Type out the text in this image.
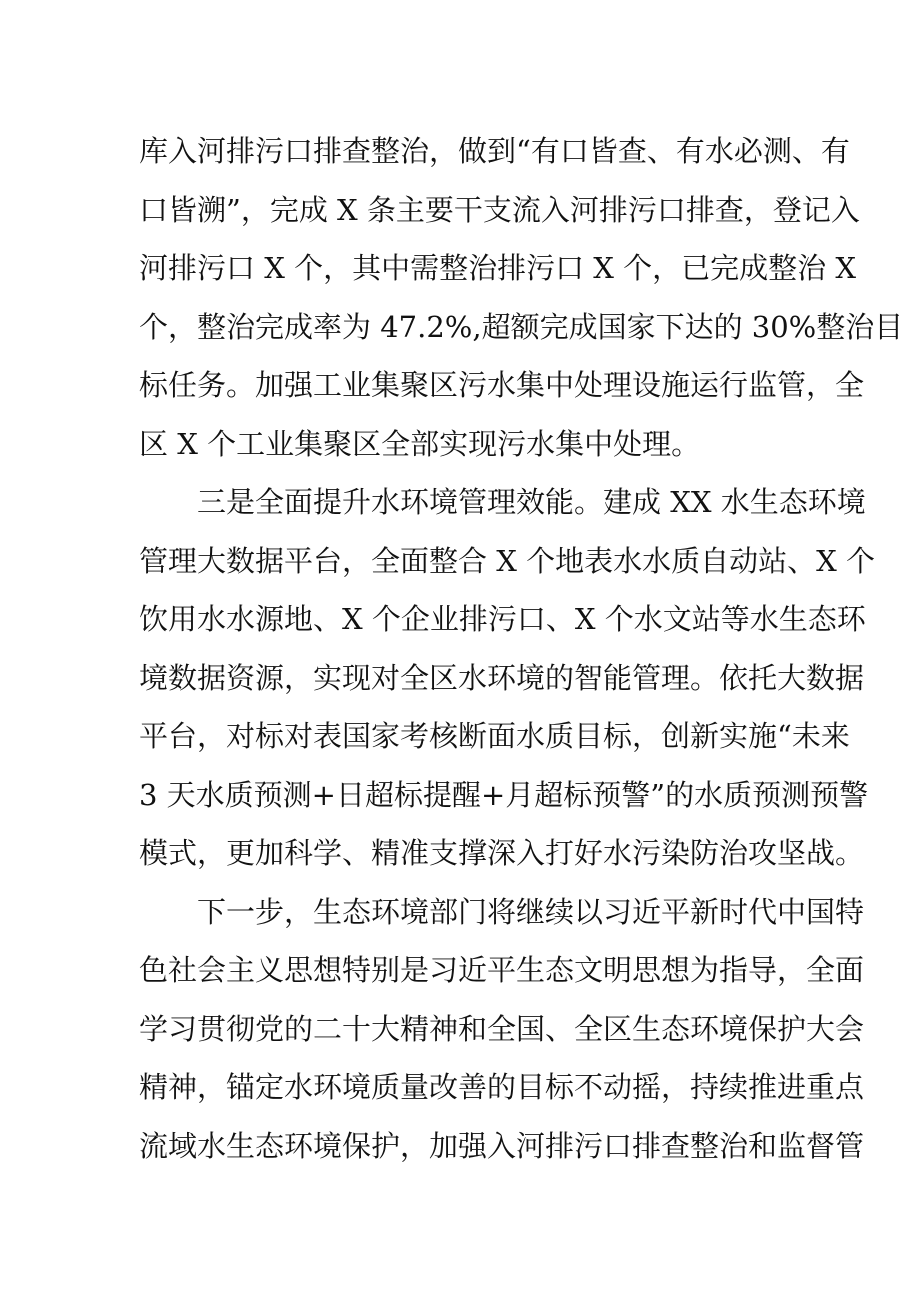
库入河排污口排查整治，做到“有口皆查、有水必测、有
口皆溯”，完成 X 条主要干支流入河排污口排查，登记入
河排污口 X 个，其中需整治排污口 X 个，已完成整治 X
个，整治完成率为 47.2%,超额完成国家下达的 30%整治目
标任务。加强工业集聚区污水集中处理设施运行监管，全
区 X 个工业集聚区全部实现污水集中处理。
　　三是全面提升水环境管理效能。建成 XX 水生态环境
管理大数据平台，全面整合 X 个地表水水质自动站、X 个
饮用水水源地、X 个企业排污口、X 个水文站等水生态环
境数据资源，实现对全区水环境的智能管理。依托大数据
平台，对标对表国家考核断面水质目标，创新实施“未来
3 天水质预测+日超标提醒+月超标预警”的水质预测预警
模式，更加科学、精准支撑深入打好水污染防治攻坚战。
　　下一步，生态环境部门将继续以习近平新时代中国特
色社会主义思想特别是习近平生态文明思想为指导，全面
学习贯彻党的二十大精神和全国、全区生态环境保护大会
精神，锚定水环境质量改善的目标不动摇，持续推进重点
流域水生态环境保护，加强入河排污口排查整治和监督管
